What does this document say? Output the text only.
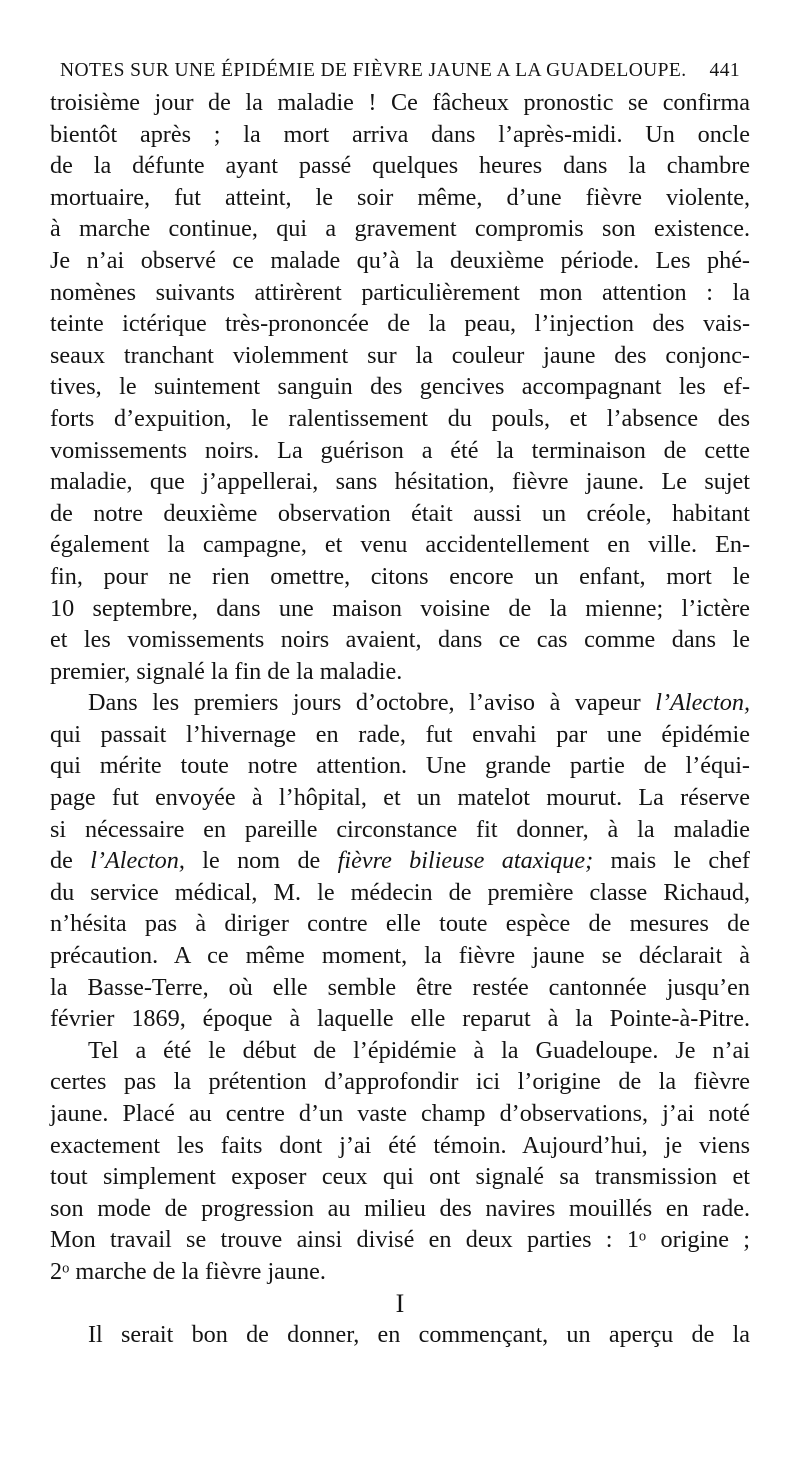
NOTES SUR UNE ÉPIDÉMIE DE FIÈVRE JAUNE A LA GUADELOUPE. 441
troisième jour de la maladie ! Ce fâcheux pronostic se confirma
bientôt après ; la mort arriva dans l’après-midi. Un oncle
de la défunte ayant passé quelques heures dans la chambre
mortuaire, fut atteint, le soir même, d’une fièvre violente,
à marche continue, qui a gravement compromis son existence.
Je n’ai observé ce malade qu’à la deuxième période. Les phé-
nomènes suivants attirèrent particulièrement mon attention : la
teinte ictérique très-prononcée de la peau, l’injection des vais-
seaux tranchant violemment sur la couleur jaune des conjonc-
tives, le suintement sanguin des gencives accompagnant les ef-
forts d’expuition, le ralentissement du pouls, et l’absence des
vomissements noirs. La guérison a été la terminaison de cette
maladie, que j’appellerai, sans hésitation, fièvre jaune. Le sujet
de notre deuxième observation était aussi un créole, habitant
également la campagne, et venu accidentellement en ville. En-
fin, pour ne rien omettre, citons encore un enfant, mort le
10 septembre, dans une maison voisine de la mienne; l’ictère
et les vomissements noirs avaient, dans ce cas comme dans le
premier, signalé la fin de la maladie.
Dans les premiers jours d’octobre, l’aviso à vapeur l’Alecton,
qui passait l’hivernage en rade, fut envahi par une épidémie
qui mérite toute notre attention. Une grande partie de l’équi-
page fut envoyée à l’hôpital, et un matelot mourut. La réserve
si nécessaire en pareille circonstance fit donner, à la maladie
de l’Alecton, le nom de fièvre bilieuse ataxique; mais le chef
du service médical, M. le médecin de première classe Richaud,
n’hésita pas à diriger contre elle toute espèce de mesures de
précaution. A ce même moment, la fièvre jaune se déclarait à
la Basse-Terre, où elle semble être restée cantonnée jusqu’en
février 1869, époque à laquelle elle reparut à la Pointe-à-Pitre.
Tel a été le début de l’épidémie à la Guadeloupe. Je n’ai
certes pas la prétention d’approfondir ici l’origine de la fièvre
jaune. Placé au centre d’un vaste champ d’observations, j’ai noté
exactement les faits dont j’ai été témoin. Aujourd’hui, je viens
tout simplement exposer ceux qui ont signalé sa transmission et
son mode de progression au milieu des navires mouillés en rade.
Mon travail se trouve ainsi divisé en deux parties : 1$^o$ origine ;
2$^o$ marche de la fièvre jaune.
I
Il serait bon de donner, en commençant, un aperçu de la
